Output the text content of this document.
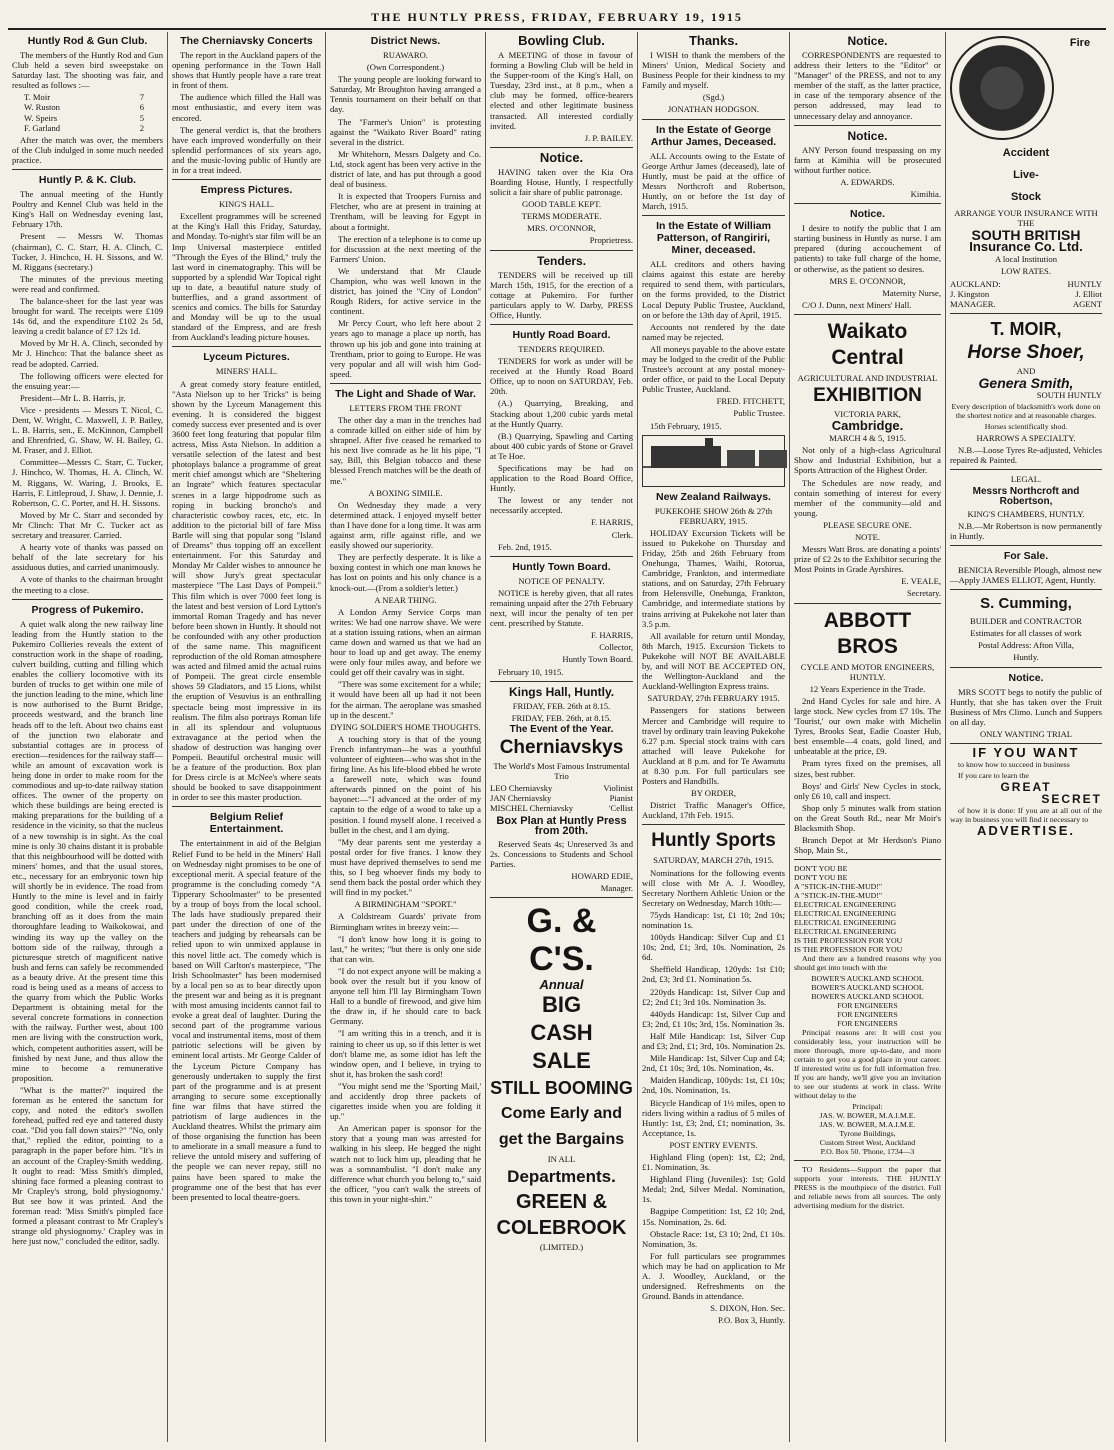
THE HUNTLY PRESS, FRIDAY, FEBRUARY 19, 1915
Huntly Rod & Gun Club.

The members of the Huntly Rod and Gun Club held a seven bird sweepstake on Saturday last. The shooting was fair, and resulted as follows :—

T. Moir	7
W. Ruston	6
W. Speirs	5
F. Garland	2

After the match was over, the members of the Club indulged in some much needed practice.

Huntly P. & K. Club.

The annual meeting of the Huntly Poultry and Kennel Club was held in the King's Hall on Wednesday evening last, February 17th.

Present — Messrs W. Thomas (chairman), C. C. Starr, H. A. Clinch, C. Tucker, J. Hinchco, H. H. Sissons, and W. M. Riggans (secretary.)

The minutes of the previous meeting were read and confirmed.

The balance-sheet for the last year was brought for ward. The receipts were £109 14s 6d, and the expenditure £102 2s 5d, leaving a credit balance of £7 12s 1d.

Moved by Mr H. A. Clinch, seconded by Mr J. Hinchco: That the balance sheet as read be adopted. Carried.

The following officers were elected for the ensuing year:—

President—Mr L. B. Harris, jr.

Vice - presidents — Messrs T. Nicol, C. Dent, W. Wright, C. Maxwell, J. P. Bailey, L. B. Harris, sen., E. McKinnon, Campbell and Ehrenfried, G. Shaw, W. H. Bailey, G. M. Fraser, and J. Elliot.

Committee—Messrs C. Starr, C. Tucker, J. Hinchco, W. Thomas, H. A. Clinch, W. M. Riggans, W. Waring, J. Brooks, E. Harris, F. Littleproud, J. Shaw, J. Dennie, J. Robertson, C. C. Porter, and H. H. Sissons.

Moved by Mr C. Starr and seconded by Mr Clinch: That Mr C. Tucker act as secretary and treasurer. Carried.

A hearty vote of thanks was passed on behalf of the late secretary for his assiduous duties, and carried unanimously.

A vote of thanks to the chairman brought the meeting to a close.

Progress of Pukemiro.

A quiet walk along the new railway line leading from the Huntly station to the Pukemiro Collieries reveals the extent of construction work in the shape of roading, culvert building, cutting and filling which enables the colliery locomotive with its burden of trucks to get within one mile of the junction leading to the mine, which line is now authorised to the Burnt Bridge, proceeds westward, and the branch line heads off to the left. About two chains east of the junction two elaborate and substantial cottages are in process of erection—residences for the railway staff—while an amount of excavation work is being done in order to make room for the commodious and up-to-date railway station offices. The owner of the property on which these buildings are being erected is making preparations for the building of a residence in the vicinity, so that the nucleus of a new township is in sight. As the coal mine is only 30 chains distant it is probable that this neighbourhood will be dotted with miners' homes, and that the usual stores, etc., necessary for an embryonic town hip will shortly be in evidence. The road from Huntly to the mine is level and in fairly good condition, while the creek road, branching off as it does from the main thoroughfare leading to Waikokowai, and winding its way up the valley on the bottom side of the railway, through a picturesque stretch of magnificent native bush and ferns can safely be recommended as a beauty drive. At the present time this road is being used as a means of access to the quarry from which the Public Works Department is obtaining metal for the several concrete formations in connection with the railway. Further west, about 100 men are living with the construction work, which, competent authorities assert, will be finished by next June, and thus allow the mine to become a remunerative proposition.

"What is the matter?" inquired the foreman as he entered the sanctum for copy, and noted the editor's swollen forehead, puffed red eye and tattered dusty coat. "Did you fall down stairs?" "No, only that," replied the editor, pointing to a paragraph in the paper before him. "It's in an account of the Crapley-Smith wedding. It ought to read: 'Miss Smith's dimpled, shining face formed a pleasing contrast to Mr Crapley's strong, bold physiognomy.' But see how it was printed. And the foreman read: 'Miss Smith's pimpled face formed a pleasant contrast to Mr Crapley's strange old physiognomy.' Crapley was in here just now," concluded the editor, sadly.

The Cherniavsky Concerts

The report in the Auckland papers of the opening performance in the Town Hall shows that Huntly people have a rare treat in front of them.

The audience which filled the Hall was most enthusiastic, and every item was encored.

The general verdict is, that the brothers have each improved wonderfully on their splendid performances of six years ago, and the music-loving public of Huntly are in for a treat indeed.

Empress Pictures.

KING'S HALL.

Excellent programmes will be screened at the King's Hall this Friday, Saturday, and Monday. To-night's star film will be an Imp Universal masterpiece entitled "Through the Eyes of the Blind," truly the last word in cinematography. This will be supported by a splendid War Topical right up to date, a beautiful nature study of butterflies, and a grand assortment of scenics and comics. The bills for Saturday and Monday will be up to the usual standard of the Empress, and are fresh from Auckland's leading picture houses.

Lyceum Pictures.

MINERS' HALL.

A great comedy story feature entitled, "Asta Nielson up to her Tricks" is being shown by the Lyceum Management this evening. It is considered the biggest comedy success ever presented and is over 3600 feet long featuring that popular film actress, Miss Asta Nielson. In addition a versatile selection of the latest and best photoplays balance a programme of great merit chief amongst which are "Sheltering an Ingrate" which features spectacular scenes in a large hippodrome such as roping in bucking broncho's and characteristic cowboy races, etc, etc. In addition to the pictorial bill of fare Miss Bartle will sing that popular song "Island of Dreams" thus topping off an excellent entertainment. For this Saturday and Monday Mr Calder wishes to announce he will show Jury's great spectacular masterpiece "The Last Days of Pompeii." This film which is over 7000 feet long is the latest and best version of Lord Lytton's immortal Roman Tragedy and has never before been shown in Huntly. It should not be confounded with any other production of the same name. This magnificent reproduction of the old Roman atmosphere was acted and filmed amid the actual ruins of Pompeii. The great circle ensemble shows 59 Gladiators, and 15 Lions, whilst the eruption of Vesuvius is an enthralling spectacle being most impressive in its realism. The film also portrays Roman life in all its splendour and voluptuous extravagance at the period when the shadow of destruction was hanging over Pompeii. Beautiful orchestral music will be a feature of the production. Box plan for Dress circle is at McNee's where seats should be booked to save disappointment in order to see this master production.

Belgium Relief Entertainment.

The entertainment in aid of the Belgian Relief Fund to be held in the Miners' Hall on Wednesday night promises to be one of exceptional merit. A special feature of the programme is the concluding comedy "A Tipperary Schoolmaster" to be presented by a troup of boys from the local school. The lads have studiously prepared their part under the direction of one of the teachers and judging by rehearsals can be relied upon to win unmixed applause in this novel little act. The comedy which is based on Will Carlton's masterpiece, "The Irish Schoolmaster" has been modernised by a local pen so as to bear directly upon the present war and being as it is pregnant with most amusing incidents cannot fail to evoke a great deal of laughter. During the second part of the programme various vocal and instrumental items, most of them patriotic selections will be given by eminent local artists. Mr George Calder of the Lyceum Picture Company has generously undertaken to supply the first part of the programme and is at present arranging to secure some exceptionally fine war films that have stirred the patriotism of large audiences in the Auckland theatres. Whilst the primary aim of those organising the function has been to ameliorate in a small measure a fund to relieve the untold misery and suffering of the people we can never repay, still no pains have been spared to make the programme one of the best that has ever been presented to local theatre-goers.

District News.

RUAWARO.

(Own Correspondent.)

The young people are looking forward to Saturday, Mr Broughton having arranged a Tennis tournament on their behalf on that day.

The "Farmer's Union" is protesting against the "Waikato River Board" rating several in the district.

Mr Whitehorn, Messrs Dalgety and Co. Ltd, stock agent has been very active in the district of late, and has put through a good deal of business.

It is expected that Troopers Furniss and Fletcher, who are at present in training at Trentham, will be leaving for Egypt in about a fortnight.

The erection of a telephone is to come up for discussion at the next meeting of the Farmers' Union.

We understand that Mr Claude Champion, who was well known in the district, has joined the "City of London" Rough Riders, for active service in the continent.

Mr Percy Court, who left here about 2 years ago to manage a place up north, has thrown up his job and gone into training at Trentham, prior to going to Europe. He was very popular and all will wish him God-speed.

The Light and Shade of War.

LETTERS FROM THE FRONT

The other day a man in the trenches had a comrade killed on either side of him by shrapnel. After five ceased he remarked to his next live comrade as he lit his pipe, "I say, Bill, this Belgian tobacco and these blessed French matches will be the death of me."

A BOXING SIMILE.

On Wednesday they made a very determined attack. I enjoyed myself better than I have done for a long time. It was arm against arm, rifle against rifle, and we easily showed our superiority.

They are perfectly desperate. It is like a boxing contest in which one man knows he has lost on points and his only chance is a knock-out.—(From a soldier's letter.)

A NEAR THING.

A London Army Service Corps man writes: We had one narrow shave. We were at a station issuing rations, when an airman came down and warned us that we had an hour to load up and get away. The enemy were only four miles away, and before we could get off their cavalry was in sight.

"There was some excitement for a while; it would have been all up had it not been for the airman. The aeroplane was smashed up in the descent."

DYING SOLDIER'S HOME THOUGHTS.

A touching story is that of the young French infantryman—he was a youthful volunteer of eighteen—who was shot in the firing line. As his life-blood ebbed he wrote a farewell note, which was found afterwards pinned on the point of his bayonet:—"I advanced at the order of my captain to the edge of a wood to take up a position. I found myself alone. I received a bullet in the chest, and I am dying.

"My dear parents sent me yesterday a postal order for five francs. I know they must have deprived themselves to send me this, so I beg whoever finds my body to send them back the postal order which they will find in my pocket."

A BIRMINGHAM "SPORT."

A Coldstream Guards' private from Birmingham writes in breezy vein:—

"I don't know how long it is going to last," he writes; "but there is only one side that can win.

"I do not expect anyone will be making a book over the result but if you know of anyone tell him I'll lay Birmingham Town Hall to a bundle of firewood, and give him the draw in, if he should care to back Germany.

"I am writing this in a trench, and it is raining to cheer us up, so if this letter is wet don't blame me, as some idiot has left the window open, and I believe, in trying to shut it, has broken the sash cord!

"You might send me the 'Sporting Mail,' and accidently drop three packets of cigarettes inside when you are folding it up."

An American paper is sponsor for the story that a young man was arrested for walking in his sleep. He begged the night watch not to lock him up, pleading that he was a somnambulist. "I don't make any difference what church you belong to," said the officer, "you can't walk the streets of this town in your night-shirt."

Bowling Club.

A MEETING of those in favour of forming a Bowling Club will be held in the Supper-room of the King's Hall, on Tuesday, 23rd inst., at 8 p.m., when a club may be formed, office-bearers elected and other legitimate business transacted. All interested cordially invited.

J. P. BAILEY.

Notice.

HAVING taken over the Kia Ora Boarding House, Huntly, I respectfully solicit a fair share of public patronage.

GOOD TABLE KEPT.

TERMS MODERATE.

MRS. O'CONNOR,

Proprietress.

Tenders.

TENDERS will be received up till March 15th, 1915, for the erection of a cottage at Pukemiro. For further particulars apply to W. Darby, PRESS Office, Huntly.

Huntly Road Board.

TENDERS REQUIRED.

TENDERS for work as under will be received at the Huntly Road Board Office, up to noon on SATURDAY, Feb. 20th.

(A.) Quarrying, Breaking, and Stacking about 1,200 cubic yards metal at the Huntly Quarry.

(B.) Quarrying, Spawling and Carting about 400 cubic yards of Stone or Gravel at Te Hoe.

Specifications may be had on application to the Road Board Office, Huntly.

The lowest or any tender not necessarily accepted.

F. HARRIS,

Clerk.

Feb. 2nd, 1915.

Huntly Town Board.

NOTICE OF PENALTY.

NOTICE is hereby given, that all rates remaining unpaid after the 27th February next, will incur the penalty of ten per cent. prescribed by Statute.

F. HARRIS,

Collector,

Huntly Town Board.

February 10, 1915.

Kings Hall, Huntly.

FRIDAY, FEB. 26th at 8.15.

FRIDAY, FEB. 26th, at 8.15.

The Event of the Year.

Cherniavskys

The World's Most Famous Instrumental Trio

LEO Cherniavsky	Violinist
JAN Cherniavsky	Pianist
MISCHEL Cherniavsky	'Cellist

Box Plan at Huntly Press from 20th.

Reserved Seats 4s; Unreserved 3s and 2s. Concessions to Students and School Parties.

HOWARD EDIE,

Manager.

G. & C'S.

Annual

BIG

CASH

SALE

STILL BOOMING

Come Early and

get the Bargains

IN ALL

Departments.

GREEN &

COLEBROOK

(LIMITED.)

Thanks.

I WISH to thank the members of the Miners' Union, Medical Society and Business People for their kindness to my Family and myself.

(Sgd.)

JONATHAN HODGSON.

In the Estate of George Arthur James, Deceased.

ALL Accounts owing to the Estate of George Arthur James (deceased), late of Huntly, must be paid at the office of Messrs Northcroft and Robertson, Huntly, on or before the 1st day of March, 1915.

In the Estate of William Patterson, of Rangiriri, Miner, deceased.

ALL creditors and others having claims against this estate are hereby required to send them, with particulars, on the forms provided, to the District Local Deputy Public Trustee, Auckland, on or before the 13th day of April, 1915.

Accounts not rendered by the date named may be rejected.

All moneys payable to the above estate may be lodged to the credit of the Public Trustee's account at any postal money-order office, or paid to the Local Deputy Public Trustee, Auckland.

FRED. FITCHETT,

Public Trustee.

15th February, 1915.

New Zealand Railways.

PUKEKOHE SHOW 26th & 27th FEBRUARY, 1915.

HOLIDAY Excursion Tickets will be issued to Pukekohe on Thursday and Friday, 25th and 26th February from Onehunga, Thames, Waihi, Rotorua, Cambridge, Frankton, and intermediate stations, and on Saturday, 27th February from Helensville, Onehunga, Frankton, Cambridge, and intermediate stations by trains arriving at Pukekohe not later than 3.5 p.m.

All available for return until Monday, 8th March, 1915. Excursion Tickets to Pukekohe will NOT BE AVAILABLE by, and will NOT BE ACCEPTED ON, the Wellington-Auckland and the Auckland-Wellington Express trains.

SATURDAY, 27th FEBRUARY 1915.

Passengers for stations between Mercer and Cambridge will require to travel by ordinary train leaving Pukekohe 6.27 p.m. Special stock trains with cars attached will leave Pukekohe for Auckland at 8 p.m. and for Te Awamutu at 8.30 p.m. For full particulars see Posters and Handbills.

BY ORDER,

District Traffic Manager's Office, Auckland, 17th Feb. 1915.

Huntly Sports

SATURDAY, MARCH 27th, 1915.

Nominations for the following events will close with Mr A. J. Woodley, Secretary Northern Athletic Union or the Secretary on Wednesday, March 10th:—

75yds Handicap: 1st, £1 10; 2nd 10s; nomination 1s.

100yds Handicap: Silver Cup and £1 10s; 2nd, £1; 3rd, 10s. Nomination, 2s 6d.

Sheffield Handicap, 120yds: 1st £10; 2nd, £3; 3rd £1. Nomination 5s.

220yds Handicap: 1st, Silver Cup and £2; 2nd £1; 3rd 10s. Nomination 3s.

440yds Handicap: 1st, Silver Cup and £3; 2nd, £1 10s; 3rd, 15s. Nomination 3s.

Half Mile Handicap: 1st, Silver Cup and £3; 2nd, £1; 3rd, 10s. Nomination 2s.

Mile Handicap: 1st, Silver Cup and £4; 2nd, £1 10s; 3rd, 10s. Nomination, 4s.

Maiden Handicap, 100yds: 1st, £1 10s; 2nd, 10s. Nomination, 1s.

Bicycle Handicap of 1½ miles, open to riders living within a radius of 5 miles of Huntly: 1st, £3; 2nd, £1; nomination, 3s. Acceptance, 1s.

POST ENTRY EVENTS.

Highland Fling (open): 1st, £2; 2nd, £1. Nomination, 3s.

Highland Fling (Juveniles): 1st; Gold Medal; 2nd, Silver Medal. Nomination, 1s.

Bagpipe Competition: 1st, £2 10; 2nd, 15s. Nomination, 2s. 6d.

Obstacle Race: 1st, £3 10; 2nd, £1 10s. Nomination, 3s.

For full particulars see programmes which may be had on application to Mr A. J. Woodley, Auckland, or the undersigned. Refreshments on the Ground. Bands in attendance.

S. DIXON, Hon. Sec.

P.O. Box 3, Huntly.

Notice.

CORRESPONDENTS are requested to address their letters to the "Editor" or "Manager" of the PRESS, and not to any member of the staff, as the latter practice, in case of the temporary absence of the person addressed, may lead to unnecessary delay and annoyance.

Notice.

ANY Person found trespassing on my farm at Kimihia will be prosecuted without further notice.

A. EDWARDS.

Kimihia.

Notice.

I desire to notify the public that I am starting business in Huntly as nurse. I am prepared (during accouchement of patients) to take full charge of the home, or otherwise, as the patient so desires.

MRS E. O'CONNOR,

Maternity Nurse,

C/O J. Dunn, next Miners' Hall.

Waikato Central

AGRICULTURAL AND INDUSTRIAL

EXHIBITION

VICTORIA PARK,

Cambridge.

MARCH 4 & 5, 1915.

Not only of a high-class Agricultural Show and Industrial Exhibition, but a Sports Attraction of the Highest Order.

The Schedules are now ready, and contain something of interest for every member of the community—old and young.

PLEASE SECURE ONE.

NOTE.

Messrs Watt Bros. are donating a points' prize of £2 2s to the Exhibitor securing the Most Points in Grade Ayrshires.

E. VEALE,

Secretary.

ABBOTT BROS

CYCLE AND MOTOR ENGINEERS, HUNTLY.

12 Years Experience in the Trade.

2nd Hand Cycles for sale and hire. A large stock. New cycles from £7 10s. The 'Tourist,' our own make with Michelin Tyres, Brooks Seat, Eadie Coaster Hub, best ensemble—4 coats, gold lined, and unbeatable at the price, £9.

Pram tyres fixed on the premises, all sizes, best rubber.

Boys' and Girls' New Cycles in stock, only £6 10, call and inspect.

Shop only 5 minutes walk from station on the Great South Rd., near Mr Moir's Blacksmith Shop.

Branch Depot at Mr Herdson's Piano Shop, Main St.,

DON'T YOU BE
DON'T YOU BE
A "STICK-IN-THE-MUD!"
A "STICK-IN-THE-MUD!"
ELECTRICAL ENGINEERING
ELECTRICAL ENGINEERING
ELECTRICAL ENGINEERING
ELECTRICAL ENGINEERING
IS THE PROFESSION FOR YOU
IS THE PROFESSION FOR YOU

And there are a hundred reasons why you should get into touch with the

BOWER'S AUCKLAND SCHOOL
BOWER'S AUCKLAND SCHOOL
BOWER'S AUCKLAND SCHOOL
FOR ENGINEERS
FOR ENGINEERS
FOR ENGINEERS

Principal reasons are: It will cost you considerably less, your instruction will be more thorough, more up-to-date, and more certain to get you a good place in your career. If interested write us for full information free. If you are handy, we'll give you an invitation to see our students at work in class. Write without delay to the

Principal:
JAS. W. BOWER, M.A.I.M.E.
JAS. W. BOWER, M.A.I.M.E.
Tyrone Buildings,
Custom Street West, Auckland
P.O. Box 50. 'Phone, 1734—3

TO Residents—Support the paper that supports your interests. THE HUNTLY PRESS is the mouthpiece of the district. Full and reliable news from all sources. The only advertising medium for the district.

Fire
Accident
Live-
Stock

ARRANGE YOUR INSURANCE WITH THE

SOUTH BRITISH

Insurance Co. Ltd.

A local Institution

LOW RATES.

AUCKLAND:	HUNTLY
J. Kingston	J. Elliot
MANAGER.	AGENT

T. MOIR,

Horse Shoer,

AND

Genera Smith,

SOUTH HUNTLY

Every description of blacksmith's work done on the shortest notice and at reasonable charges.

Horses scientifically shod.

HARROWS A SPECIALTY.

N.B.—Loose Tyres Re-adjusted, Vehicles repaired & Painted.

LEGAL.

Messrs Northcroft and Robertson,

KING'S CHAMBERS, HUNTLY.

N.B.—Mr Robertson is now permanently in Huntly.

For Sale.

BENICIA Reversible Plough, almost new—Apply JAMES ELLIOT, Agent, Huntly.

S. Cumming,

BUILDER and CONTRACTOR

Estimates for all classes of work

Postal Address: Afton Villa,

Huntly.

Notice.

MRS SCOTT begs to notify the public of Huntly, that she has taken over the Fruit Business of Mrs Climo. Lunch and Suppers on all day.

ONLY WANTING TRIAL

IF YOU WANT

to know how to succeed in business

If you care to learn the

GREAT

SECRET

of how it is done: If you are at all out of the way in business you will find it necessary to

ADVERTISE.
